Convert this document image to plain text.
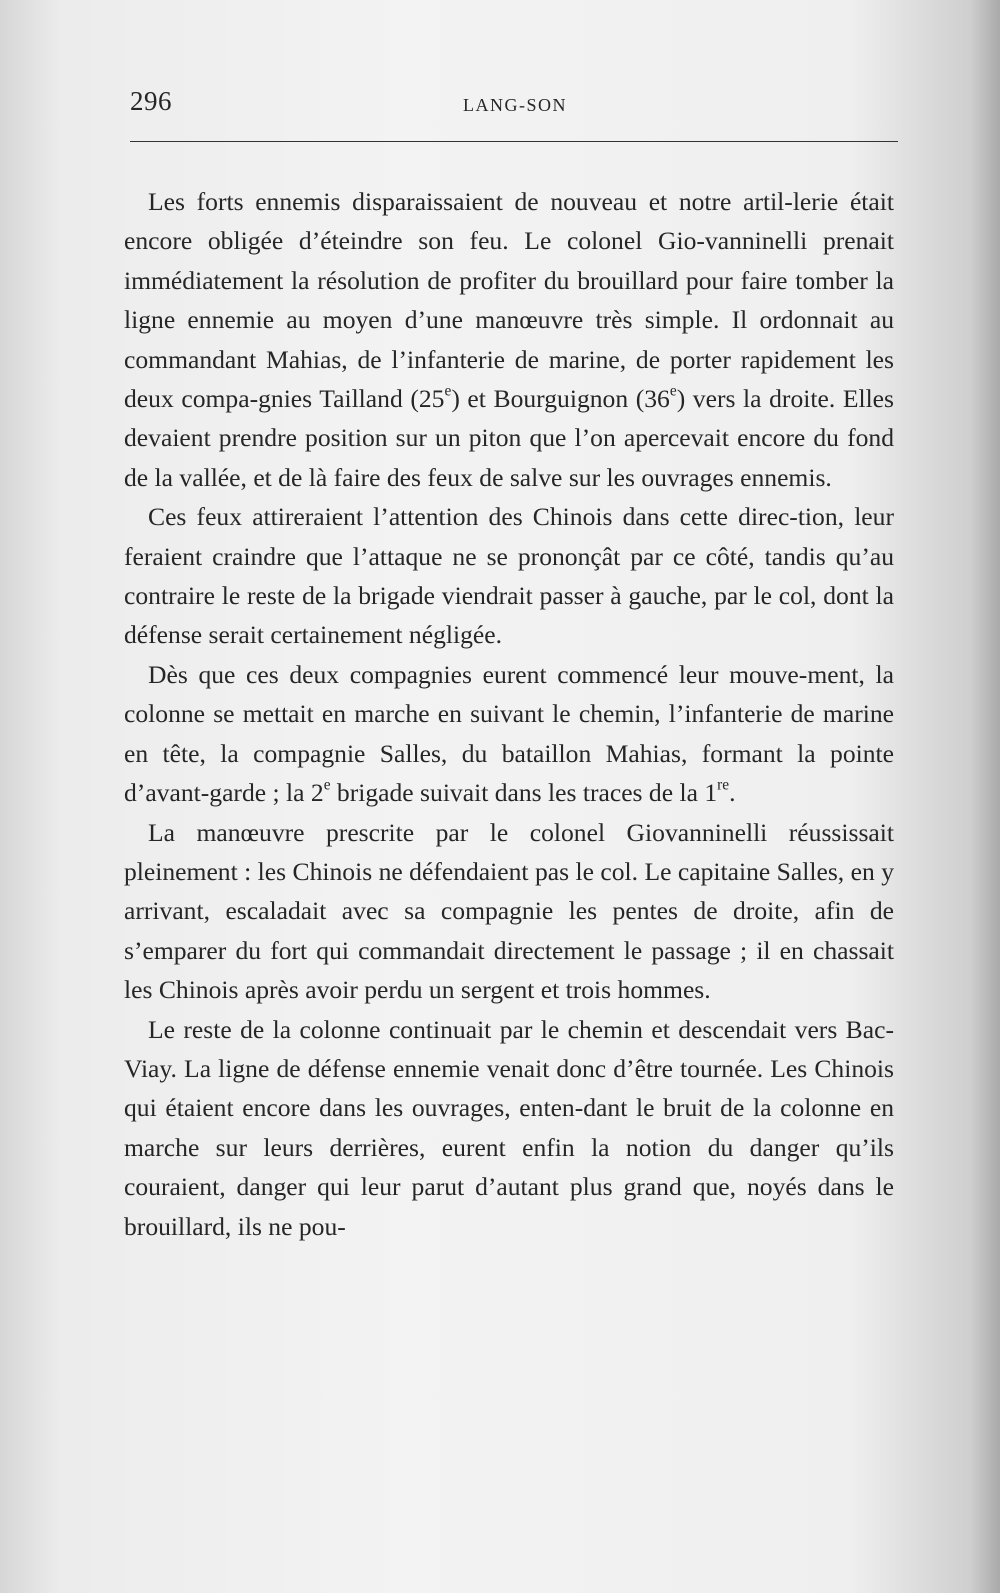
296	LANG-SON

Les forts ennemis disparaissaient de nouveau et notre artil-lerie était encore obligée d’éteindre son feu. Le colonel Gio-vanninelli prenait immédiatement la résolution de profiter du brouillard pour faire tomber la ligne ennemie au moyen d’une manœuvre très simple. Il ordonnait au commandant Mahias, de l’infanterie de marine, de porter rapidement les deux compa-gnies Tailland (25e) et Bourguignon (36e) vers la droite. Elles devaient prendre position sur un piton que l’on apercevait encore du fond de la vallée, et de là faire des feux de salve sur les ouvrages ennemis.

Ces feux attireraient l’attention des Chinois dans cette direc-tion, leur feraient craindre que l’attaque ne se prononçât par ce côté, tandis qu’au contraire le reste de la brigade viendrait passer à gauche, par le col, dont la défense serait certainement négligée.

Dès que ces deux compagnies eurent commencé leur mouve-ment, la colonne se mettait en marche en suivant le chemin, l’infanterie de marine en tête, la compagnie Salles, du bataillon Mahias, formant la pointe d’avant-garde ; la 2e brigade suivait dans les traces de la 1re.

La manœuvre prescrite par le colonel Giovanninelli réussissait pleinement : les Chinois ne défendaient pas le col. Le capitaine Salles, en y arrivant, escaladait avec sa compagnie les pentes de droite, afin de s’emparer du fort qui commandait directement le passage ; il en chassait les Chinois après avoir perdu un sergent et trois hommes.

Le reste de la colonne continuait par le chemin et descendait vers Bac-Viay. La ligne de défense ennemie venait donc d’être tournée. Les Chinois qui étaient encore dans les ouvrages, enten-dant le bruit de la colonne en marche sur leurs derrières, eurent enfin la notion du danger qu’ils couraient, danger qui leur parut d’autant plus grand que, noyés dans le brouillard, ils ne pou-
